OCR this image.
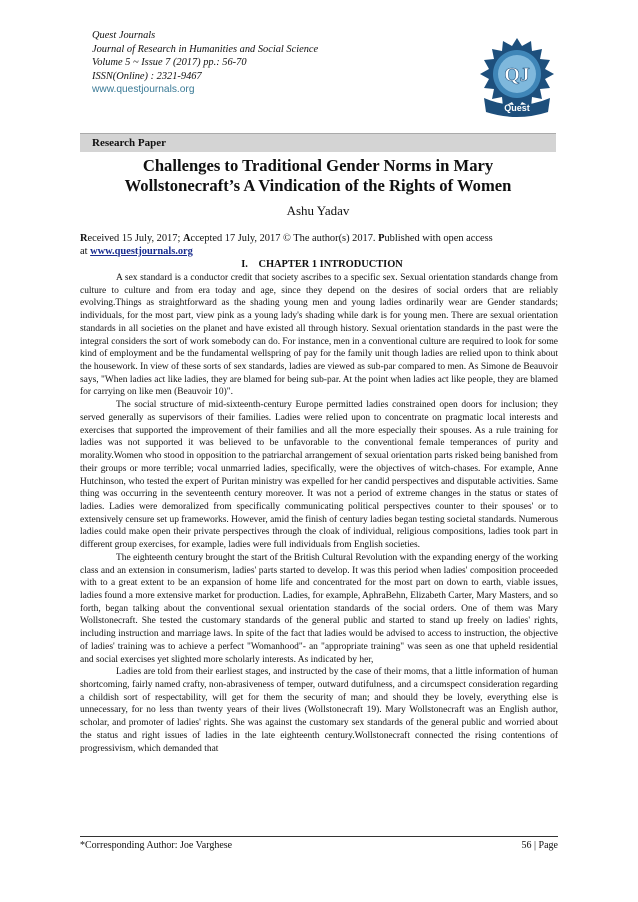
Quest Journals
Journal of Research in Humanities and Social Science
Volume 5 ~ Issue 7 (2017) pp.: 56-70
ISSN(Online) : 2321-9467
www.questjournals.org
QJ
Quest
Research Paper
Challenges to Traditional Gender Norms in Mary
Wollstonecraft’s A Vindication of the Rights of Women
Ashu Yadav
Received 15 July, 2017; Accepted 17 July, 2017 © The author(s) 2017. Published with open access
at www.questjournals.org
I. CHAPTER 1 INTRODUCTION

A sex standard is a conductor credit that society ascribes to a specific sex. Sexual orientation standards change from culture to culture and from era today and age, since they depend on the desires of social orders that are reliably evolving.Things as straightforward as the shading young men and young ladies ordinarily wear are Gender standards; individuals, for the most part, view pink as a young lady's shading while dark is for young men. There are sexual orientation standards in all societies on the planet and have existed all through history. Sexual orientation standards in the past were the integral considers the sort of work somebody can do. For instance, men in a conventional culture are required to look for some kind of employment and be the fundamental wellspring of pay for the family unit though ladies are relied upon to think about the housework. In view of these sorts of sex standards, ladies are viewed as sub-par compared to men. As Simone de Beauvoir says, "When ladies act like ladies, they are blamed for being sub-par. At the point when ladies act like people, they are blamed for carrying on like men (Beauvoir 10)".

The social structure of mid-sixteenth-century Europe permitted ladies constrained open doors for inclusion; they served generally as supervisors of their families. Ladies were relied upon to concentrate on pragmatic local interests and exercises that supported the improvement of their families and all the more especially their spouses. As a rule training for ladies was not supported it was believed to be unfavorable to the conventional female temperances of purity and morality.Women who stood in opposition to the patriarchal arrangement of sexual orientation parts risked being banished from their groups or more terrible; vocal unmarried ladies, specifically, were the objectives of witch-chases. For example, Anne Hutchinson, who tested the expert of Puritan ministry was expelled for her candid perspectives and disputable activities. Same thing was occurring in the seventeenth century moreover. It was not a period of extreme changes in the status or states of ladies. Ladies were demoralized from specifically communicating political perspectives counter to their spouses' or to extensively censure set up frameworks. However, amid the finish of century ladies began testing societal standards. Numerous ladies could make open their private perspectives through the cloak of individual, religious compositions, ladies took part in different group exercises, for example, ladies were full individuals from English societies.

The eighteenth century brought the start of the British Cultural Revolution with the expanding energy of the working class and an extension in consumerism, ladies' parts started to develop. It was this period when ladies' composition proceeded with to a great extent to be an expansion of home life and concentrated for the most part on down to earth, viable issues, ladies found a more extensive market for production. Ladies, for example, AphraBehn, Elizabeth Carter, Mary Masters, and so forth, began talking about the conventional sexual orientation standards of the social orders. One of them was Mary Wollstonecraft. She tested the customary standards of the general public and started to stand up freely on ladies' rights, including instruction and marriage laws. In spite of the fact that ladies would be advised to access to instruction, the objective of ladies' training was to achieve a perfect "Womanhood"- an "appropriate training" was seen as one that upheld residential and social exercises yet slighted more scholarly interests. As indicated by her,

Ladies are told from their earliest stages, and instructed by the case of their moms, that a little information of human shortcoming, fairly named crafty, non-abrasiveness of temper, outward dutifulness, and a circumspect consideration regarding a childish sort of respectability, will get for them the security of man; and should they be lovely, everything else is unnecessary, for no less than twenty years of their lives (Wollstonecraft 19). Mary Wollstonecraft was an English author, scholar, and promoter of ladies' rights. She was against the customary sex standards of the general public and worried about the status and right issues of ladies in the late eighteenth century.Wollstonecraft connected the rising contentions of progressivism, which demanded that

*Corresponding Author: Joe Varghese	56 | Page
